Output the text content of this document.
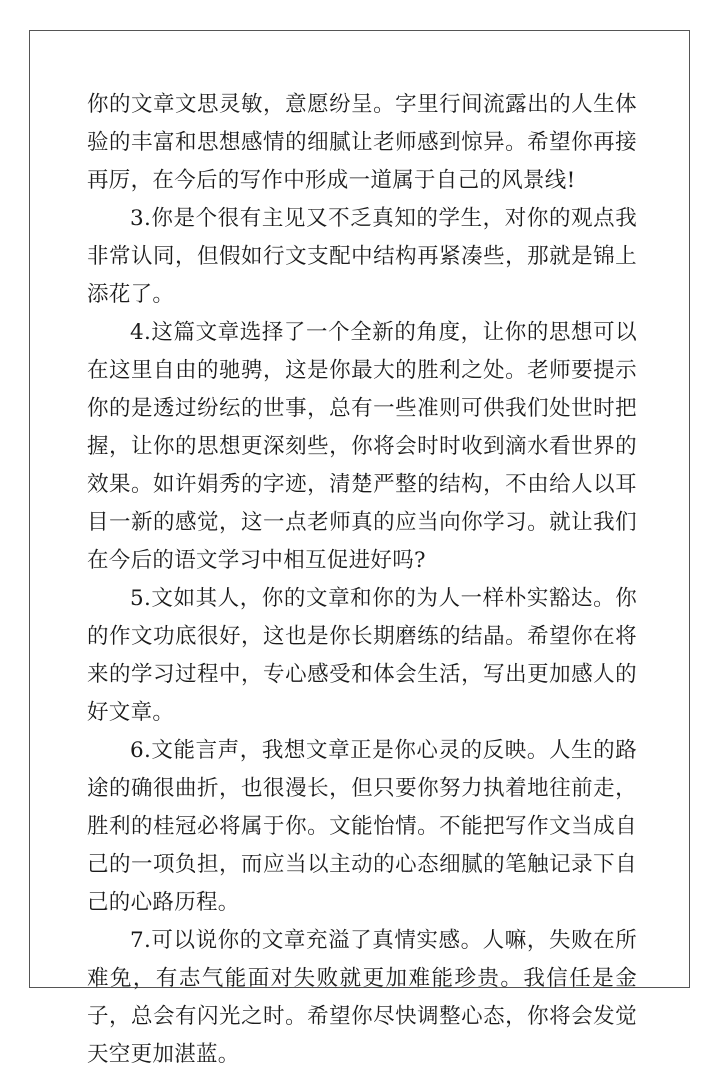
你的文章文思灵敏，意愿纷呈。字里行间流露出的人生体验的丰富和思想感情的细腻让老师感到惊异。希望你再接再厉，在今后的写作中形成一道属于自己的风景线!

3.你是个很有主见又不乏真知的学生，对你的观点我非常认同，但假如行文支配中结构再紧凑些，那就是锦上添花了。

4.这篇文章选择了一个全新的角度，让你的思想可以在这里自由的驰骋，这是你最大的胜利之处。老师要提示你的是透过纷纭的世事，总有一些准则可供我们处世时把握，让你的思想更深刻些，你将会时时收到滴水看世界的效果。如许娟秀的字迹，清楚严整的结构，不由给人以耳目一新的感觉，这一点老师真的应当向你学习。就让我们在今后的语文学习中相互促进好吗?

5.文如其人，你的文章和你的为人一样朴实豁达。你的作文功底很好，这也是你长期磨练的结晶。希望你在将来的学习过程中，专心感受和体会生活，写出更加感人的好文章。

6.文能言声，我想文章正是你心灵的反映。人生的路途的确很曲折，也很漫长，但只要你努力执着地往前走，胜利的桂冠必将属于你。文能怡情。不能把写作文当成自己的一项负担，而应当以主动的心态细腻的笔触记录下自己的心路历程。

7.可以说你的文章充溢了真情实感。人嘛，失败在所难免，有志气能面对失败就更加难能珍贵。我信任是金子，总会有闪光之时。希望你尽快调整心态，你将会发觉天空更加湛蓝。
